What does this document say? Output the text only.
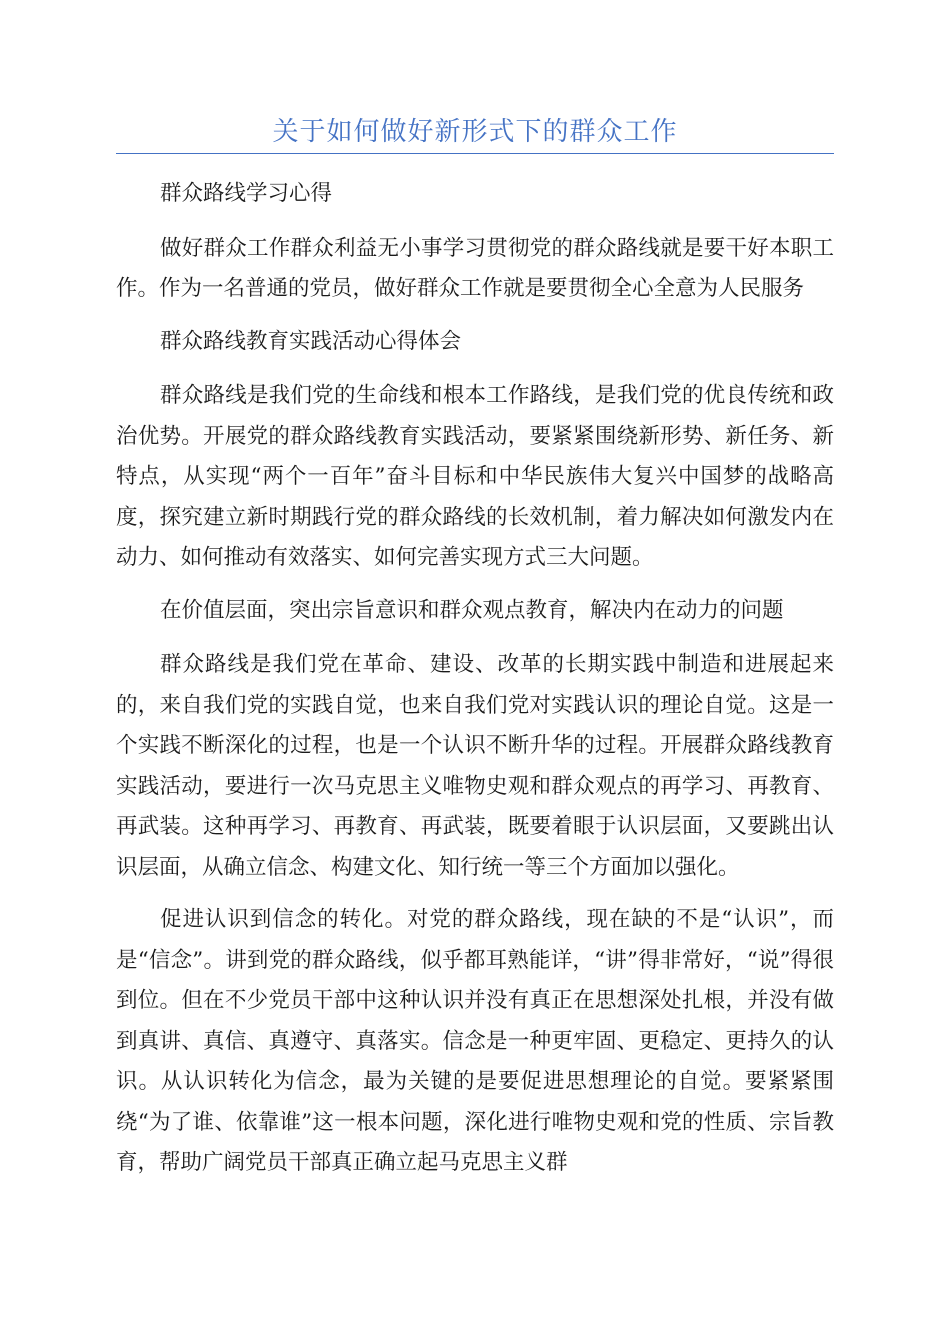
关于如何做好新形式下的群众工作

群众路线学习心得

做好群众工作群众利益无小事学习贯彻党的群众路线就是要干好本职工作。作为一名普通的党员，做好群众工作就是要贯彻全心全意为人民服务

群众路线教育实践活动心得体会

群众路线是我们党的生命线和根本工作路线，是我们党的优良传统和政治优势。开展党的群众路线教育实践活动，要紧紧围绕新形势、新任务、新特点，从实现“两个一百年”奋斗目标和中华民族伟大复兴中国梦的战略高度，探究建立新时期践行党的群众路线的长效机制，着力解决如何激发内在动力、如何推动有效落实、如何完善实现方式三大问题。

在价值层面，突出宗旨意识和群众观点教育，解决内在动力的问题

群众路线是我们党在革命、建设、改革的长期实践中制造和进展起来的，来自我们党的实践自觉，也来自我们党对实践认识的理论自觉。这是一个实践不断深化的过程，也是一个认识不断升华的过程。开展群众路线教育实践活动，要进行一次马克思主义唯物史观和群众观点的再学习、再教育、再武装。这种再学习、再教育、再武装，既要着眼于认识层面，又要跳出认识层面，从确立信念、构建文化、知行统一等三个方面加以强化。

促进认识到信念的转化。对党的群众路线，现在缺的不是“认识”，而是“信念”。讲到党的群众路线，似乎都耳熟能详，“讲”得非常好，“说”得很到位。但在不少党员干部中这种认识并没有真正在思想深处扎根，并没有做到真讲、真信、真遵守、真落实。信念是一种更牢固、更稳定、更持久的认识。从认识转化为信念，最为关键的是要促进思想理论的自觉。要紧紧围绕“为了谁、依靠谁”这一根本问题，深化进行唯物史观和党的性质、宗旨教育，帮助广阔党员干部真正确立起马克思主义群
